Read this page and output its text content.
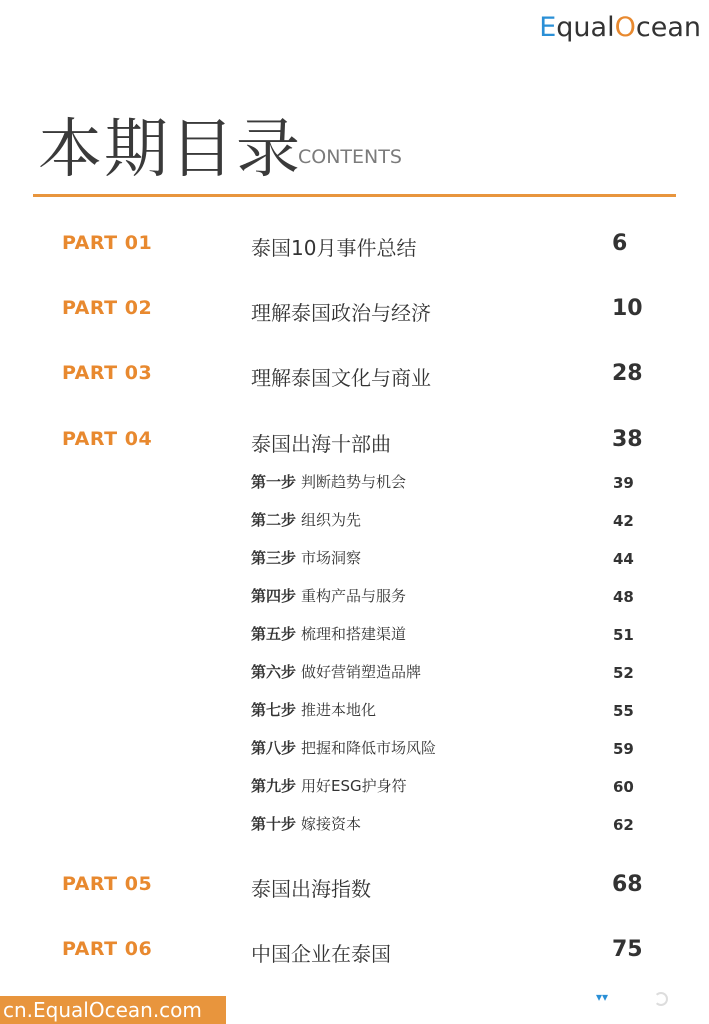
EqualOcean
本期目录
CONTENTS
PART 01	泰国10月事件总结	6
PART 02	理解泰国政治与经济	10
PART 03	理解泰国文化与商业	28
PART 04	泰国出海十部曲	38
第一步 判断趋势与机会	39
第二步 组织为先	42
第三步 市场洞察	44
第四步 重构产品与服务	48
第五步 梳理和搭建渠道	51
第六步 做好营销塑造品牌	52
第七步 推进本地化	55
第八步 把握和降低市场风险	59
第九步 用好ESG护身符	60
第十步 嫁接资本	62
PART 05	泰国出海指数	68
PART 06	中国企业在泰国	75
cn.EqualOcean.com
▾▾
